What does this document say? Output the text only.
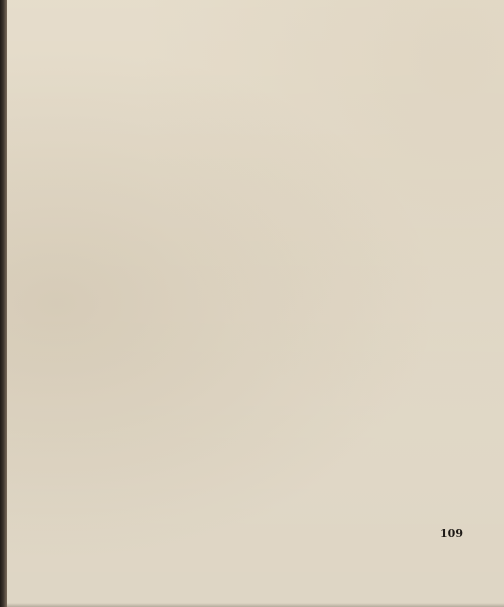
109
